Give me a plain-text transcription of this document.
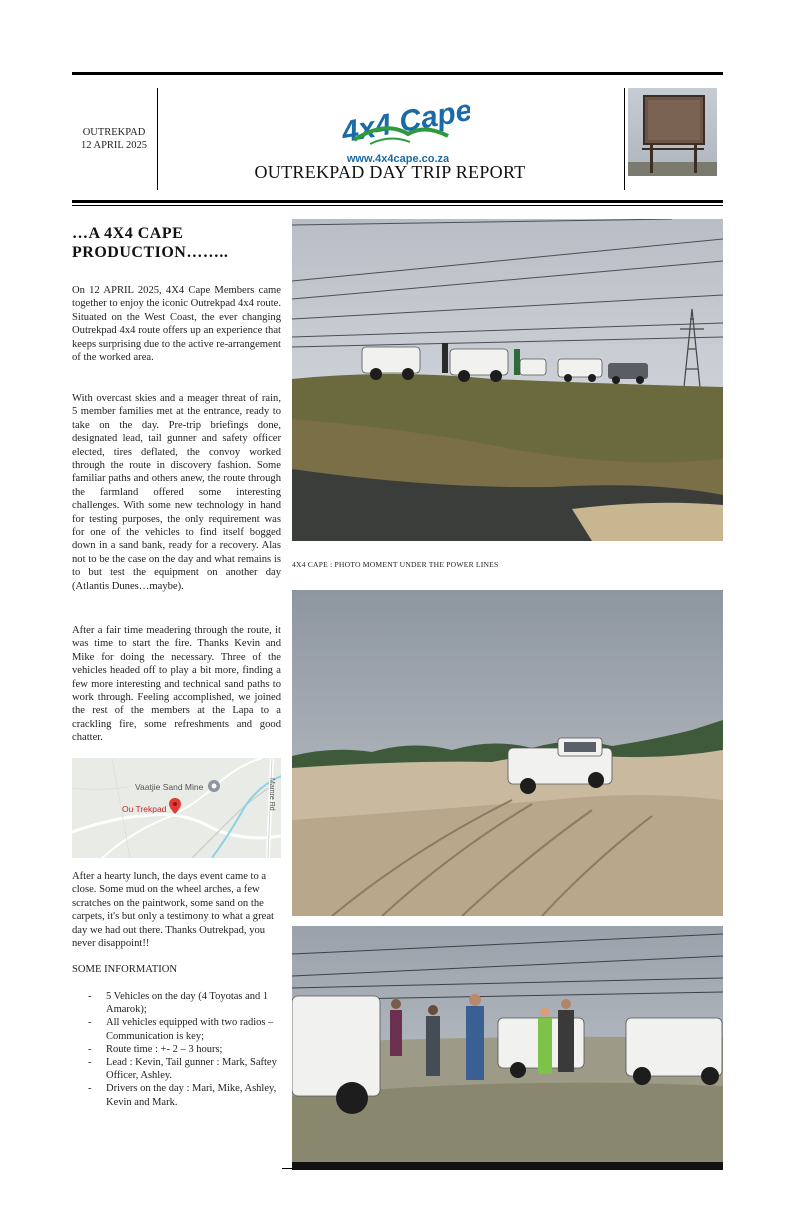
OUTREKPAD
12 APRIL 2025	4x4 Cape
www.4x4cape.co.za
OUTREKPAD DAY TRIP REPORT
…A 4X4 CAPE PRODUCTION……..
On 12 APRIL 2025, 4X4 Cape Members came together to enjoy the iconic Outrekpad 4x4 route. Situated on the West Coast, the ever changing Outrekpad 4x4 route offers up an experience that keeps surprising due to the active re-arrangement of the worked area.
With overcast skies and a meager threat of rain, 5 member families met at the entrance, ready to take on the day. Pre-trip briefings done, designated lead, tail gunner and safety officer elected, tires deflated, the convoy worked through the route in discovery fashion. Some familiar paths and others anew, the route through the farmland offered some interesting challenges. With some new technology in hand for testing purposes, the only requirement was for one of the vehicles to find itself bogged down in a sand bank, ready for a recovery. Alas not to be the case on the day and what remains is to but test the equipment on another day (Atlantis Dunes…maybe).
After a fair time meadering through the route, it was time to start the fire. Thanks Kevin and Mike for doing the necessary. Three of the vehicles headed off to play a bit more, finding a few more interesting and technical sand paths to work through. Feeling accomplished, we joined the rest of the members at the Lapa to a crackling fire, some refreshments and good chatter.
Vaatjie Sand Mine
Ou Trekpad	Mamre Rd
After a hearty lunch, the days event came to a close. Some mud on the wheel arches, a few scratches on the paintwork, some sand on the carpets, it's but only a testimony to what a great day we had out there. Thanks Outrekpad, you never disappoint!!
SOME INFORMATION
- 5 Vehicles on the day (4 Toyotas and 1 Amarok);
- All vehicles equipped with two radios – Communication is key;
- Route time : +- 2 – 3 hours;
- Lead : Kevin, Tail gunner : Mark, Saftey Officer, Ashley.
- Drivers on the day : Mari, Mike, Ashley, Kevin and Mark.
4X4 CAPE : PHOTO MOMENT UNDER THE POWER LINES
